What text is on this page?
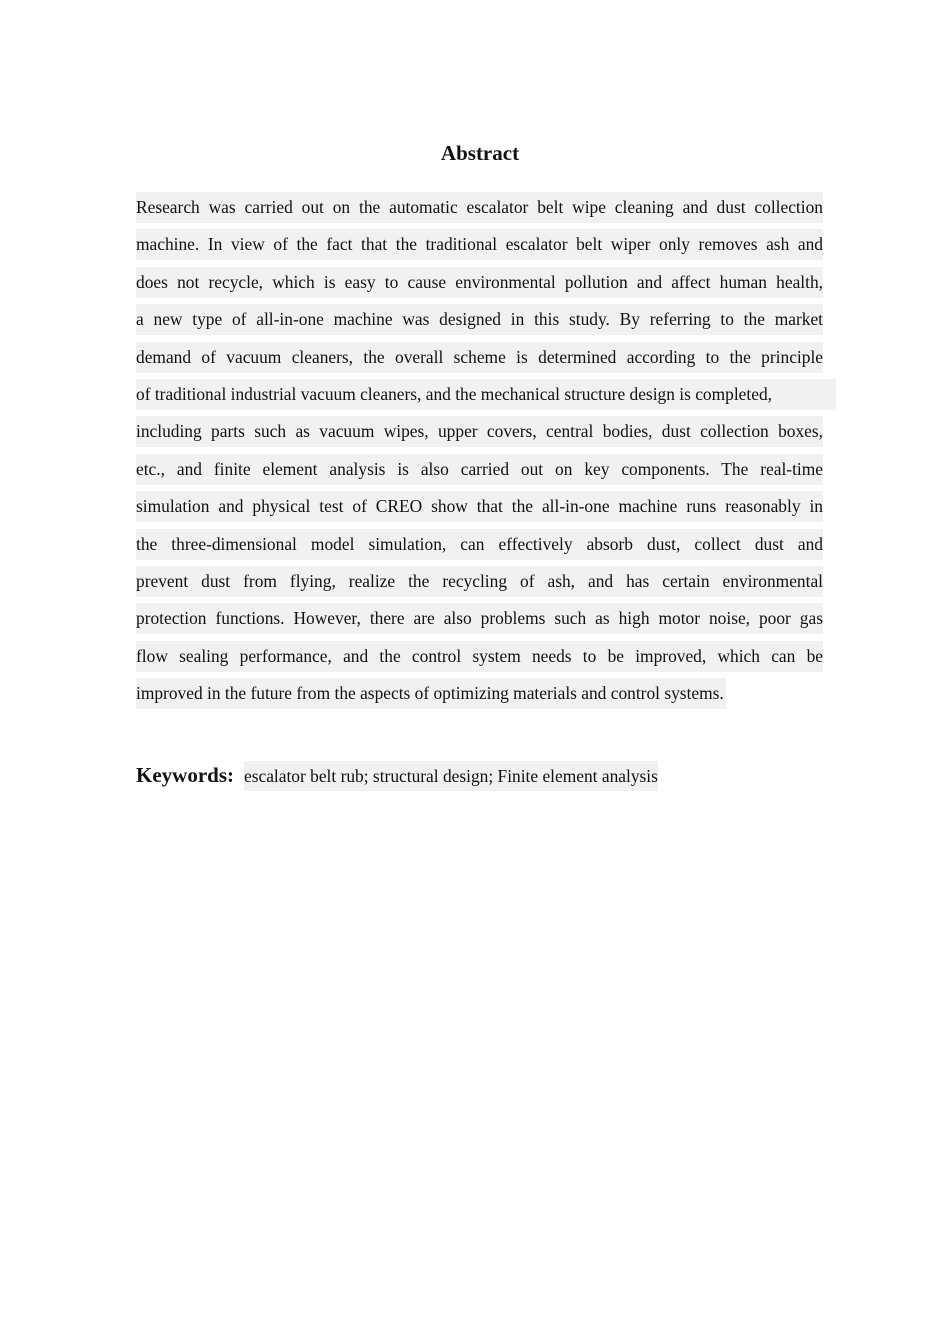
Abstract
Research was carried out on the automatic escalator belt wipe cleaning and dust collection
machine. In view of the fact that the traditional escalator belt wiper only removes ash and
does not recycle, which is easy to cause environmental pollution and affect human health,
a new type of all-in-one machine was designed in this study. By referring to the market
demand of vacuum cleaners, the overall scheme is determined according to the principle
of traditional industrial vacuum cleaners, and the mechanical structure design is completed,
including parts such as vacuum wipes, upper covers, central bodies, dust collection boxes,
etc., and finite element analysis is also carried out on key components. The real-time
simulation and physical test of CREO show that the all-in-one machine runs reasonably in
the three-dimensional model simulation, can effectively absorb dust, collect dust and
prevent dust from flying, realize the recycling of ash, and has certain environmental
protection functions. However, there are also problems such as high motor noise, poor gas
flow sealing performance, and the control system needs to be improved, which can be
improved in the future from the aspects of optimizing materials and control systems.
Keywords: escalator belt rub; structural design; Finite element analysis
